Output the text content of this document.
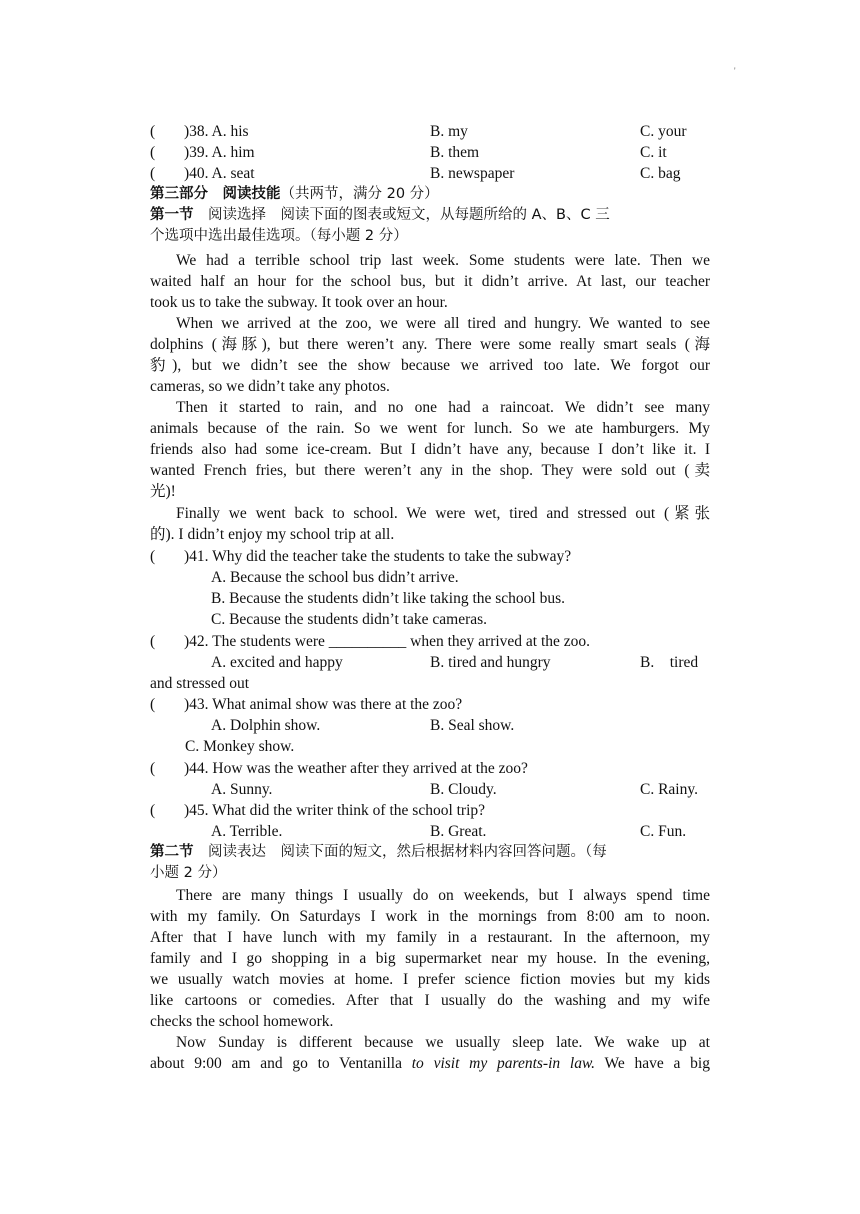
'
( )38. A. his	B. my	C. your
( )39. A. him	B. them	C. it
( )40. A. seat	B. newspaper	C. bag
第三部分　阅读技能（共两节，满分 20 分）
第一节　阅读选择　阅读下面的图表或短文，从每题所给的 A、B、C 三
个选项中选出最佳选项。（每小题 2 分）
We had a terrible school trip last week. Some students were late. Then we
waited half an hour for the school bus, but it didn’t arrive. At last, our teacher
took us to take the subway. It took over an hour.
When we arrived at the zoo, we were all tired and hungry. We wanted to see
dolphins (海豚), but there weren’t any. There were some really smart seals (海
豹), but we didn’t see the show because we arrived too late. We forgot our
cameras, so we didn’t take any photos.
Then it started to rain, and no one had a raincoat. We didn’t see many
animals because of the rain. So we went for lunch. So we ate hamburgers. My
friends also had some ice-cream. But I didn’t have any, because I don’t like it. I
wanted French fries, but there weren’t any in the shop. They were sold out (卖
光)!
Finally we went back to school. We were wet, tired and stressed out (紧张
的). I didn’t enjoy my school trip at all.
( )41. Why did the teacher take the students to take the subway?
A. Because the school bus didn’t arrive.
B. Because the students didn’t like taking the school bus.
C. Because the students didn’t take cameras.
( )42. The students were __________ when they arrived at the zoo.
A. excited and happy	B. tired and hungry	B.　tired
and stressed out
( )43. What animal show was there at the zoo?
A. Dolphin show.	B. Seal show.
C. Monkey show.
( )44. How was the weather after they arrived at the zoo?
A. Sunny.	B. Cloudy.	C. Rainy.
( )45. What did the writer think of the school trip?
A. Terrible.	B. Great.	C. Fun.
第二节　阅读表达　阅读下面的短文，然后根据材料内容回答问题。（每
小题 2 分）
There are many things I usually do on weekends, but I always spend time
with my family. On Saturdays I work in the mornings from 8:00 am to noon.
After that I have lunch with my family in a restaurant. In the afternoon, my
family and I go shopping in a big supermarket near my house. In the evening,
we usually watch movies at home. I prefer science fiction movies but my kids
like cartoons or comedies. After that I usually do the washing and my wife
checks the school homework.
Now Sunday is different because we usually sleep late. We wake up at
about 9:00 am and go to Ventanilla to visit my parents-in law. We have a big
